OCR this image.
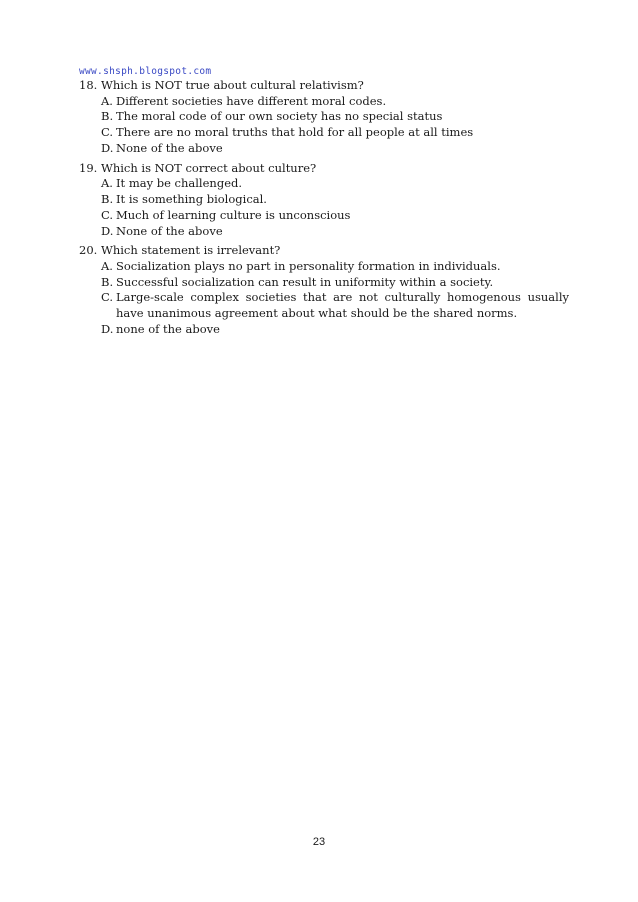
www.shsph.blogspot.com
18. Which is NOT true about cultural relativism?
A. Different societies have different moral codes.
B. The moral code of our own society has no special status
C. There are no moral truths that hold for all people at all times
D. None of the above
19. Which is NOT correct about culture?
A. It may be challenged.
B. It is something biological.
C. Much of learning culture is unconscious
D. None of the above
20. Which statement is irrelevant?
A. Socialization plays no part in personality formation in individuals.
B. Successful socialization can result in uniformity within a society.
C. Large-scale complex societies that are not culturally homogenous usually have unanimous agreement about what should be the shared norms.
D. none of the above
23
